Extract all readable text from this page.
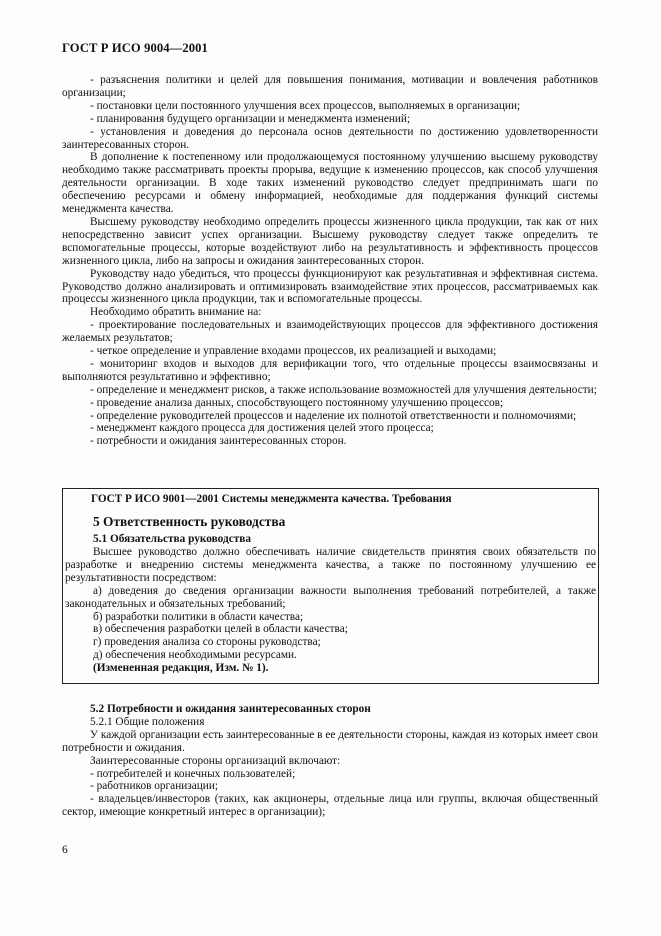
ГОСТ Р ИСО 9004—2001

- разъяснения политики и целей для повышения понимания, мотивации и вовлечения работников организации;

- постановки цели постоянного улучшения всех процессов, выполняемых в организации;

- планирования будущего организации и менеджмента изменений;

- установления и доведения до персонала основ деятельности по достижению удовлетворенности заинтересованных сторон.

В дополнение к постепенному или продолжающемуся постоянному улучшению высшему руководству необходимо также рассматривать проекты прорыва, ведущие к изменению процессов, как способ улучшения деятельности организации. В ходе таких изменений руководство следует предпринимать шаги по обеспечению ресурсами и обмену информацией, необходимые для поддержания функций системы менеджмента качества.

Высшему руководству необходимо определить процессы жизненного цикла продукции, так как от них непосредственно зависит успех организации. Высшему руководству следует также определить те вспомогательные процессы, которые воздействуют либо на результативность и эффективность процессов жизненного цикла, либо на запросы и ожидания заинтересованных сторон.

Руководству надо убедиться, что процессы функционируют как результативная и эффективная система. Руководство должно анализировать и оптимизировать взаимодействие этих процессов, рассматриваемых как процессы жизненного цикла продукции, так и вспомогательные процессы.

Необходимо обратить внимание на:

- проектирование последовательных и взаимодействующих процессов для эффективного достижения желаемых результатов;

- четкое определение и управление входами процессов, их реализацией и выходами;

- мониторинг входов и выходов для верификации того, что отдельные процессы взаимосвязаны и выполняются результативно и эффективно;

- определение и менеджмент рисков, а также использование возможностей для улучшения деятельности;

- проведение анализа данных, способствующего постоянному улучшению процессов;

- определение руководителей процессов и наделение их полнотой ответственности и полномочиями;

- менеджмент каждого процесса для достижения целей этого процесса;

- потребности и ожидания заинтересованных сторон.

ГОСТ Р ИСО 9001—2001 Системы менеджмента качества. Требования
5 Ответственность руководства
5.1 Обязательства руководства

Высшее руководство должно обеспечивать наличие свидетельств принятия своих обязательств по разработке и внедрению системы менеджмента качества, а также по постоянному улучшению ее результативности посредством:

а) доведения до сведения организации важности выполнения требований потребителей, а также законодательных и обязательных требований;

б) разработки политики в области качества;

в) обеспечения разработки целей в области качества;

г) проведения анализа со стороны руководства;

д) обеспечения необходимыми ресурсами.

(Измененная редакция, Изм. № 1).

5.2 Потребности и ожидания заинтересованных сторон

5.2.1 Общие положения

У каждой организации есть заинтересованные в ее деятельности стороны, каждая из которых имеет свои потребности и ожидания.

Заинтересованные стороны организаций включают:

- потребителей и конечных пользователей;

- работников организации;

- владельцев/инвесторов (таких, как акционеры, отдельные лица или группы, включая общественный сектор, имеющие конкретный интерес в организации);

6
